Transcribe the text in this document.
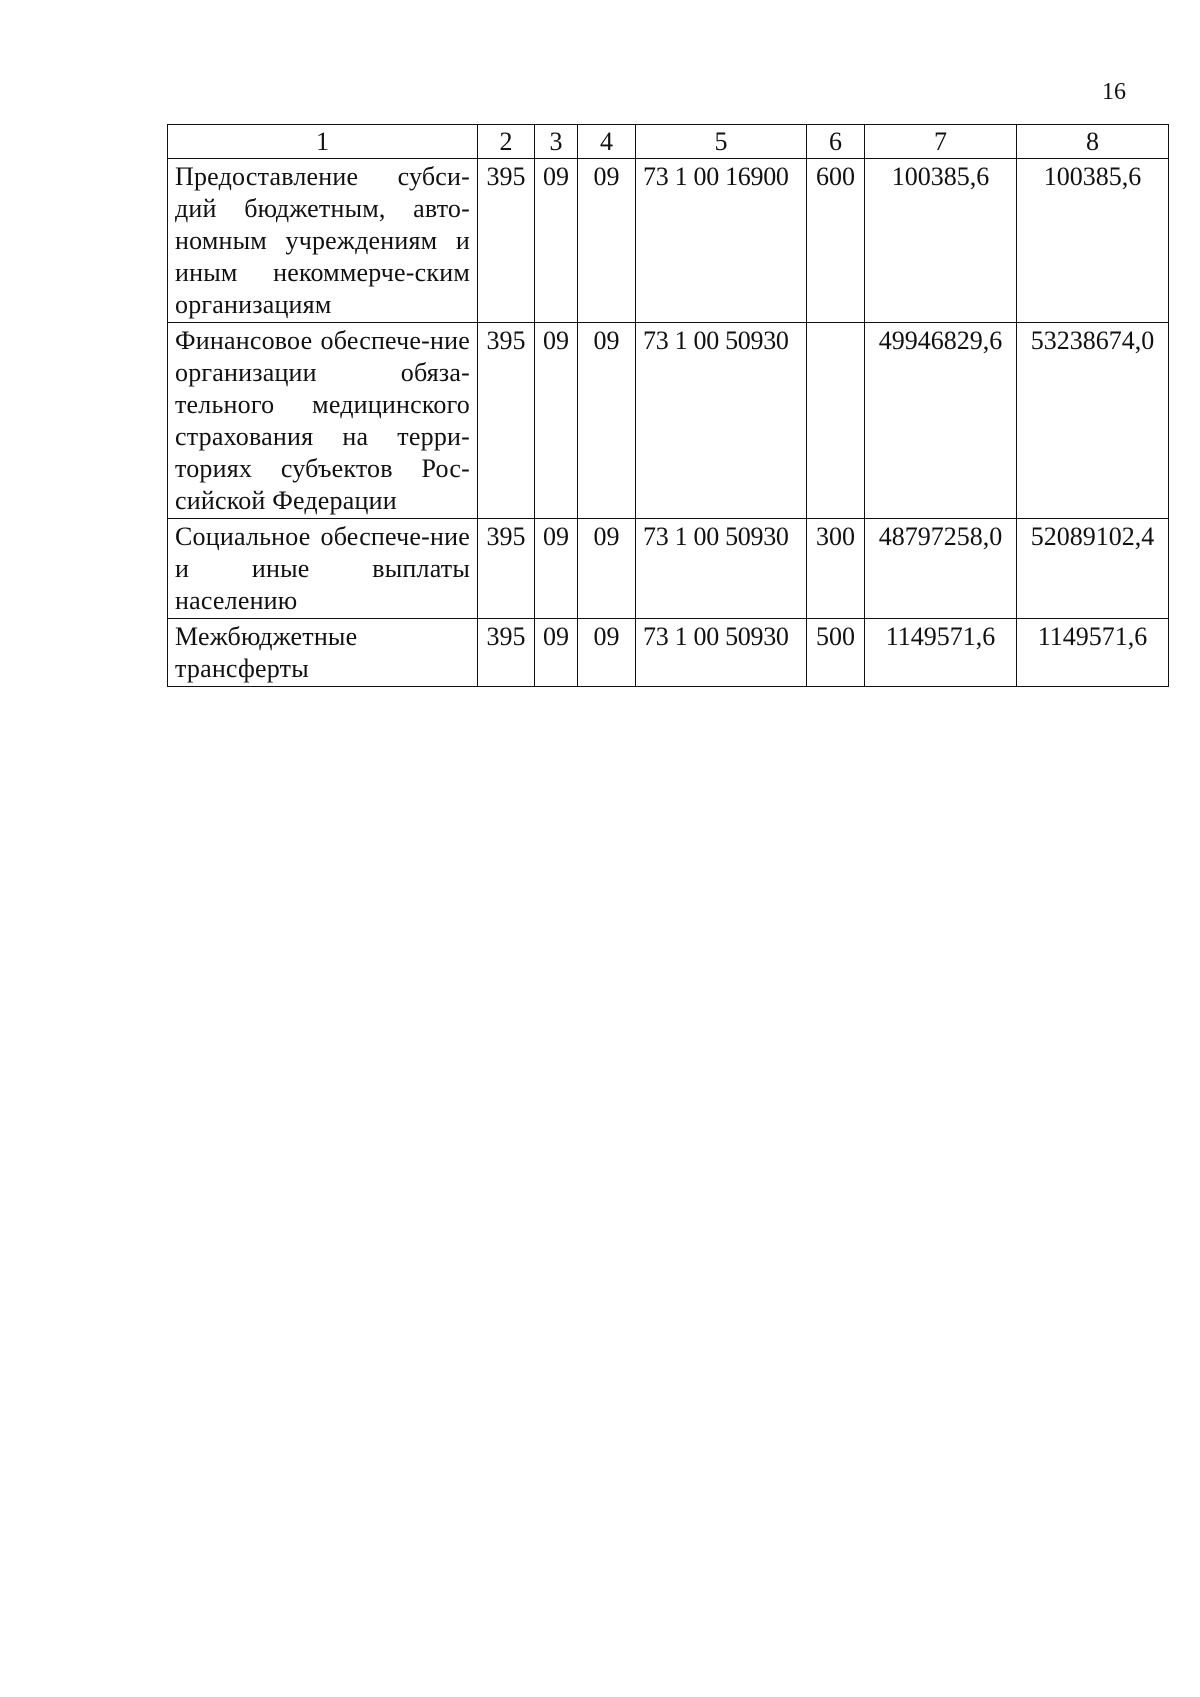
16
1	2	3	4	5	6	7	8
Предоставление субси-дий бюджетным, авто-номным учреждениям и иным некоммерче-ским организациям	395	09	09	73 1 00 16900	600	100385,6	100385,6
Финансовое обеспече-ние организации обяза-тельного медицинского страхования на терри-ториях субъектов Рос-сийской Федерации	395	09	09	73 1 00 50930		49946829,6	53238674,0
Социальное обеспече-ние и иные выплаты населению	395	09	09	73 1 00 50930	300	48797258,0	52089102,4
Межбюджетные трансферты	395	09	09	73 1 00 50930	500	1149571,6	1149571,6
